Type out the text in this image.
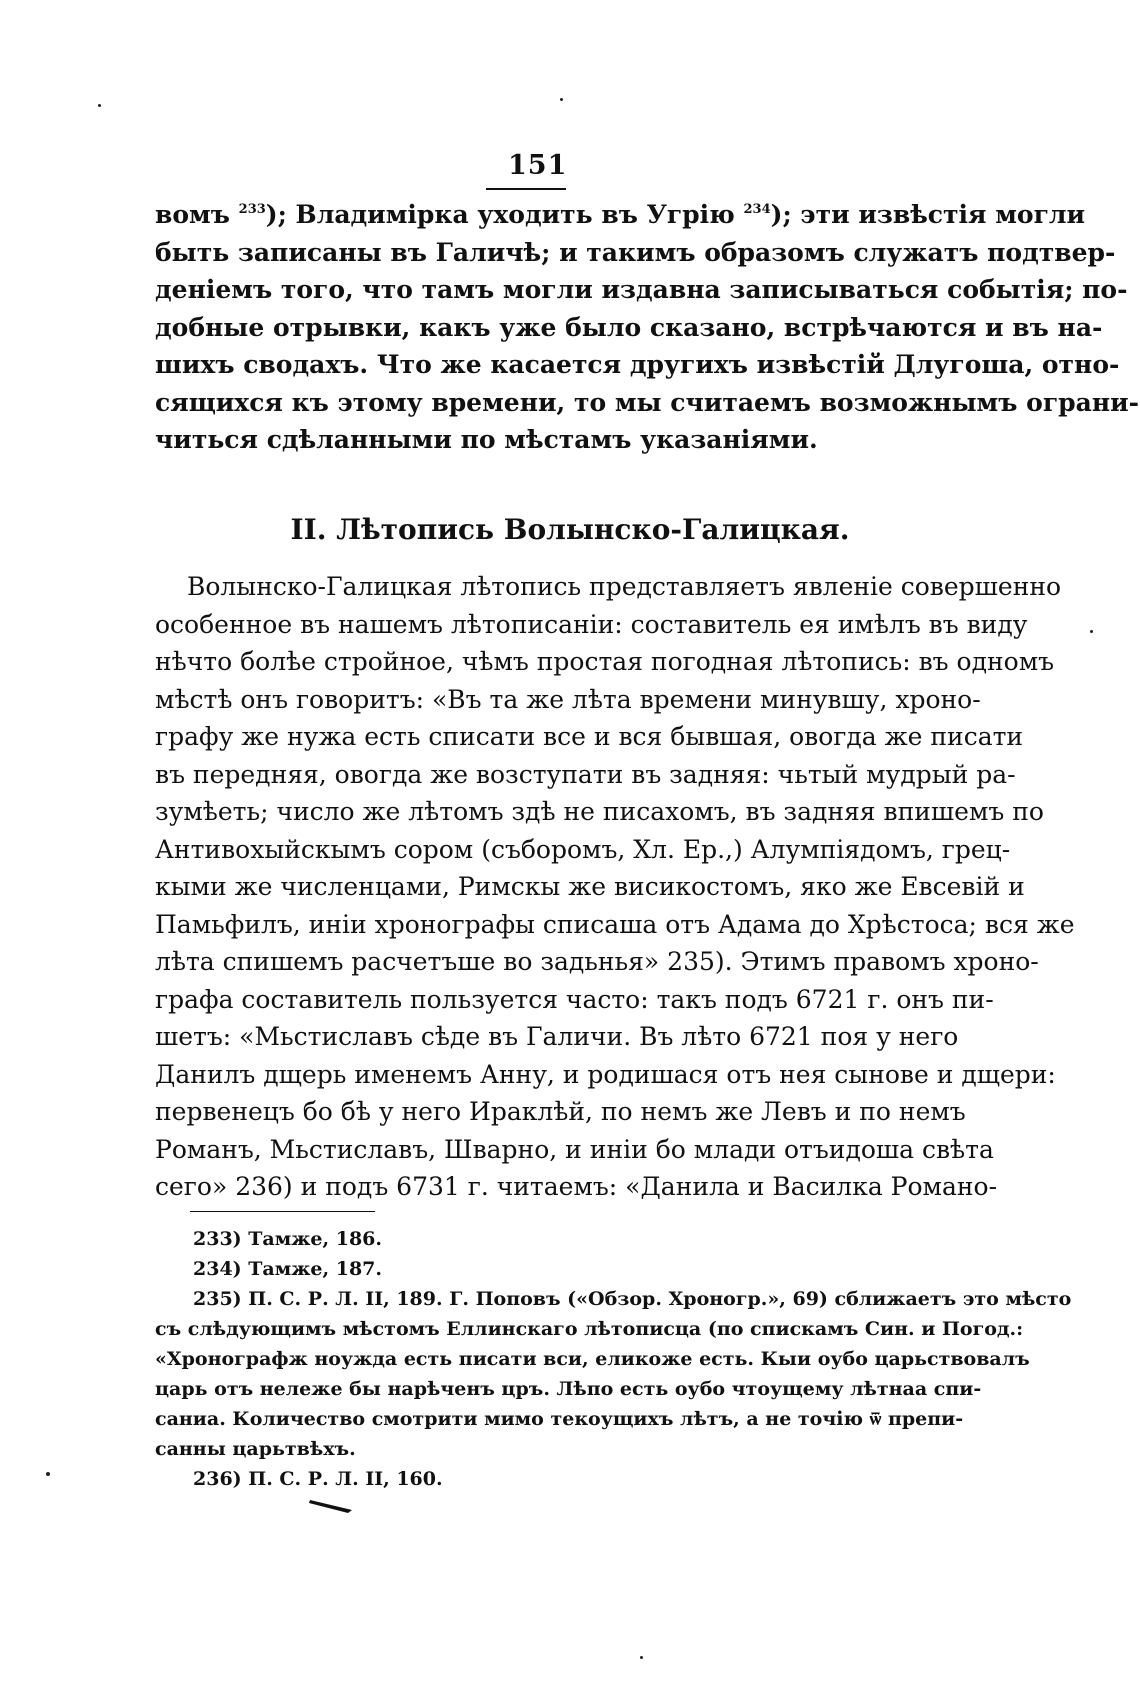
151
вомъ $^{233}$); Владимірка уходить въ Угрію $^{234}$); эти извѣстія могли
быть записаны въ Галичѣ; и такимъ образомъ служатъ подтвер-
деніемъ того, что тамъ могли издавна записываться событія; по-
добные отрывки, какъ уже было сказано, встрѣчаются и въ на-
шихъ сводахъ. Что же касается другихъ извѣстій Длугоша, отно-
сящихся къ этому времени, то мы считаемъ возможнымъ ограни-
читься сдѣланными по мѣстамъ указаніями.
II. Лѣтопись Волынско-Галицкая.
Волынско-Галицкая лѣтопись представляетъ явленіе совершенно
особенное въ нашемъ лѣтописаніи: составитель ея имѣлъ въ виду
нѣчто болѣе стройное, чѣмъ простая погодная лѣтопись: въ одномъ
мѣстѣ онъ говоритъ: «Въ та же лѣта времени минувшу, хроно-
графу же нужа есть списати все и вся бывшая, овогда же писати
въ передняя, овогда же возступати въ задняя: чьтый мудрый ра-
зумѣеть; число же лѣтомъ здѣ не писахомъ, въ задняя впишемъ по
Антивохыйскымъ сором (съборомъ, Хл. Ер.,) Алумпіядомъ, грец-
кыми же численцами, Римскы же висикостомъ, яко же Евсевій и
Памьфилъ, иніи хронографы списаша отъ Адама до Хрѣстоса; вся же
лѣта спишемъ расчетъше во задьнья» 235). Этимъ правомъ хроно-
графа составитель пользуется часто: такъ подъ 6721 г. онъ пи-
шетъ: «Мьстиславъ сѣде въ Галичи. Въ лѣто 6721 поя у него
Данилъ дщерь именемъ Анну, и родишася отъ нея сынове и дщери:
первенецъ бо бѣ у него Ираклѣй, по немъ же Левъ и по немъ
Романъ, Мьстиславъ, Шварно, и иніи бо млади отъидоша свѣта
сего» 236) и подъ 6731 г. читаемъ: «Данила и Василка Романо-
233) Тамже, 186.
234) Тамже, 187.
235) П. С. Р. Л. II, 189. Г. Поповъ («Обзор. Хроногр.», 69) сближаетъ это мѣсто
съ слѣдующимъ мѣстомъ Еллинскаго лѣтописца (по спискамъ Син. и Погод.:
«Хронографж ноужда есть писати вси, еликоже есть. Кыи оубо царьствовалъ
царь отъ нележе бы нарѣченъ цръ. Лѣпо есть оубо чтоущему лѣтнаа спи-
саниа. Количество смотрити мимо текоущихъ лѣтъ, а не точію ѿ препи-
санны царьтвѣхъ.
236) П. С. Р. Л. II, 160.
